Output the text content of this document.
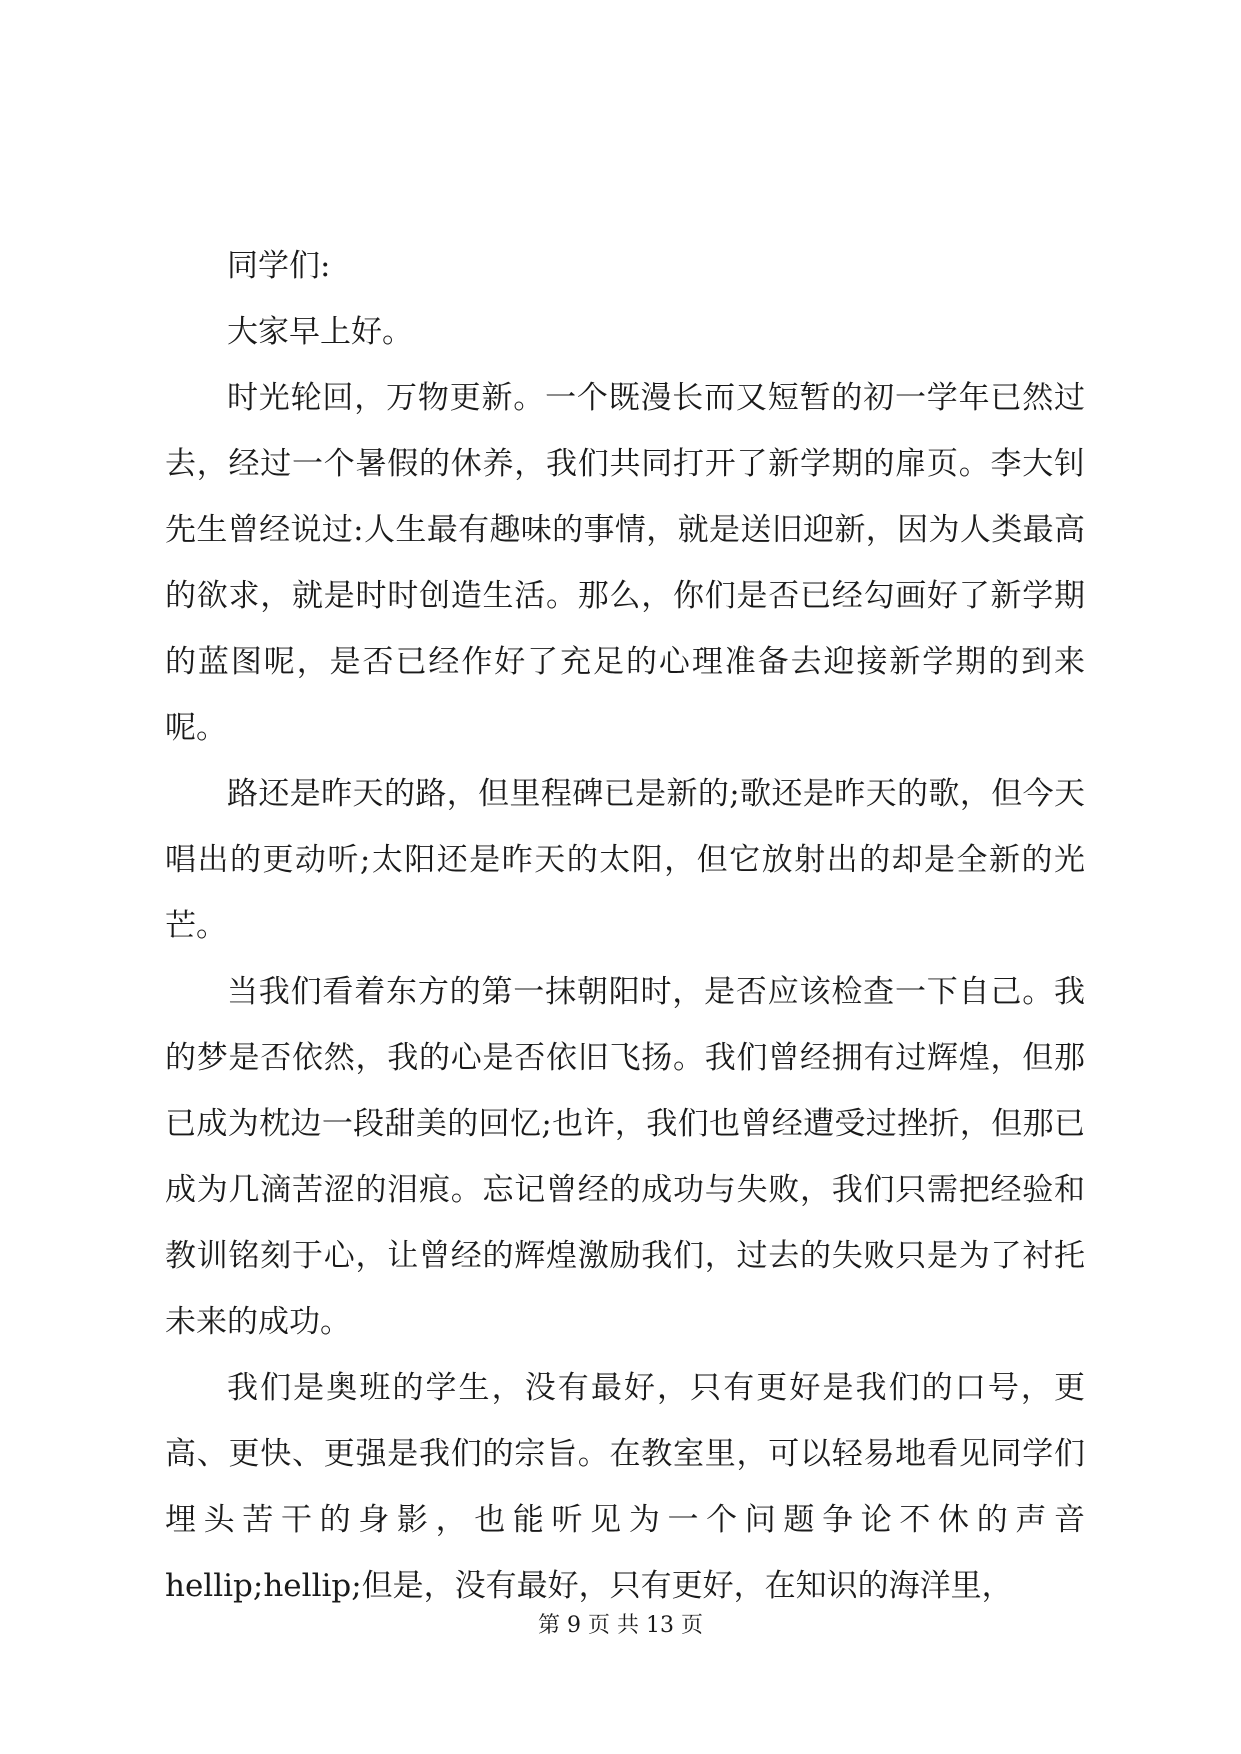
同学们:

大家早上好。

时光轮回，万物更新。一个既漫长而又短暂的初一学年已然过去，经过一个暑假的休养，我们共同打开了新学期的扉页。李大钊先生曾经说过:人生最有趣味的事情，就是送旧迎新，因为人类最高的欲求，就是时时创造生活。那么，你们是否已经勾画好了新学期的蓝图呢，是否已经作好了充足的心理准备去迎接新学期的到来呢。

路还是昨天的路，但里程碑已是新的;歌还是昨天的歌，但今天唱出的更动听;太阳还是昨天的太阳，但它放射出的却是全新的光芒。

当我们看着东方的第一抹朝阳时，是否应该检查一下自己。我的梦是否依然，我的心是否依旧飞扬。我们曾经拥有过辉煌，但那已成为枕边一段甜美的回忆;也许，我们也曾经遭受过挫折，但那已成为几滴苦涩的泪痕。忘记曾经的成功与失败，我们只需把经验和教训铭刻于心，让曾经的辉煌激励我们，过去的失败只是为了衬托未来的成功。

我们是奥班的学生，没有最好，只有更好是我们的口号，更高、更快、更强是我们的宗旨。在教室里，可以轻易地看见同学们埋头苦干的身影，也能听见为一个问题争论不休的声音hellip;hellip;但是，没有最好，只有更好，在知识的海洋里，

第 9 页 共 13 页
